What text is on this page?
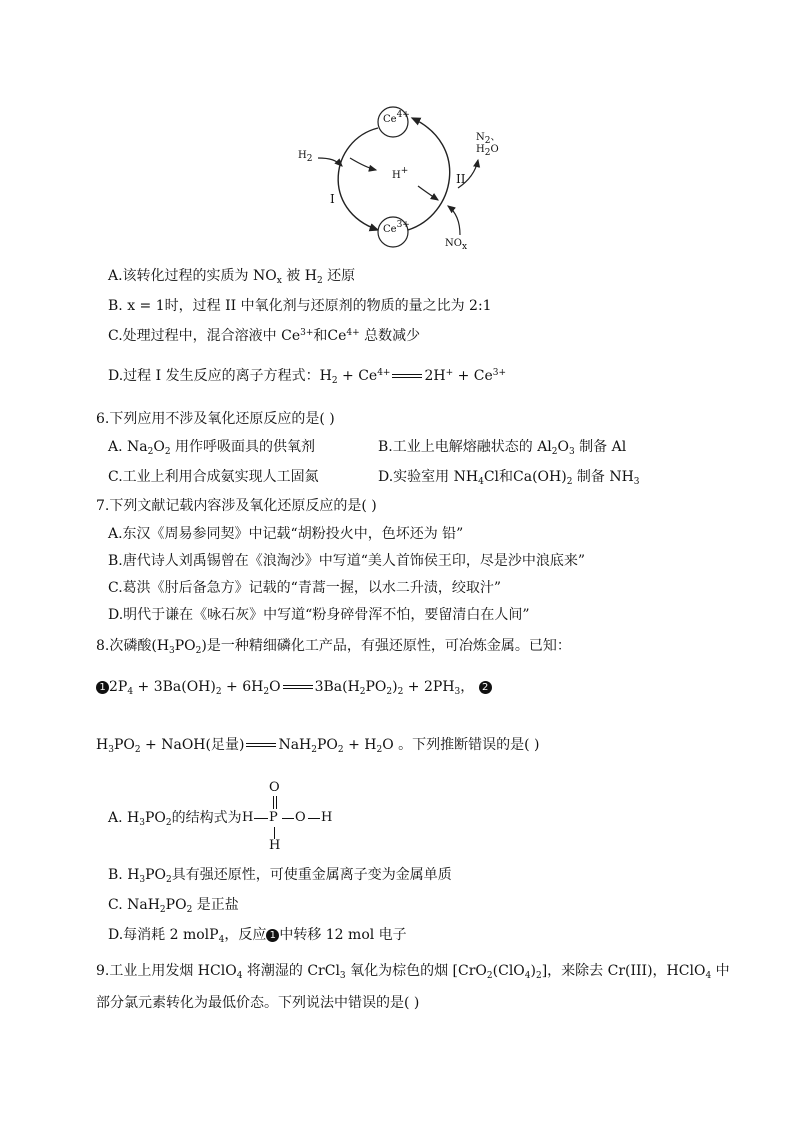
$Ce^{4+}$
$Ce^{3+}$
$H_2$
H+
$N_2$、
$H_2O$
$NO_x$
I
II
A.该转化过程的实质为 $NO_x$ 被 $H_2$ 还原
B. x = 1时，过程 II 中氧化剂与还原剂的物质的量之比为 2:1
C.处理过程中，混合溶液中 $Ce^{3+}$和$Ce^{4+}$ 总数减少
D.过程 I 发生反应的离子方程式：$H_2 + Ce^{4+}$ $2H^+ + Ce^{3+}$
6.下列应用不涉及氧化还原反应的是( )
A. $Na_2O_2$ 用作呼吸面具的供氧剂	B.工业上电解熔融状态的 $Al_2O_3$ 制备 Al
C.工业上利用合成氨实现人工固氮	D.实验室用 $NH_4Cl$和$Ca(OH)_2$ 制备 $NH_3$
7.下列文献记载内容涉及氧化还原反应的是( )
A.东汉《周易参同契》中记载“胡粉投火中，色坏还为 铅”
B.唐代诗人刘禹锡曾在《浪淘沙》中写道“美人首饰侯王印，尽是沙中浪底来”
C.葛洪《肘后备急方》记载的“青蒿一握，以水二升渍，绞取汁”
D.明代于谦在《咏石灰》中写道“粉身碎骨浑不怕，要留清白在人间”
8.次磷酸$(H_3PO_2)$是一种精细磷化工产品，有强还原性，可冶炼金属。已知：
1 $2P_4 + 3Ba(OH)_2 + 6H_2O$ $3Ba(H_2PO_2)_2 + 2PH_3$， 2
$H_3PO_2$ + NaOH(足量) $NaH_2PO_2 + H_2O$ 。下列推断错误的是( )
A. $H_3PO_2$的结构式为
O
H P O H
H
B. $H_3PO_2$具有强还原性，可使重金属离子变为金属单质
C. $NaH_2PO_2$ 是正盐
D.每消耗 2 molP$_4$，反应 1 中转移 12 mol 电子
9.工业上用发烟 HClO$_4$ 将潮湿的 CrCl$_3$ 氧化为棕色的烟 $[CrO_2(ClO_4)_2]$，来除去 Cr(III)，HClO$_4$ 中
部分氯元素转化为最低价态。下列说法中错误的是( )
